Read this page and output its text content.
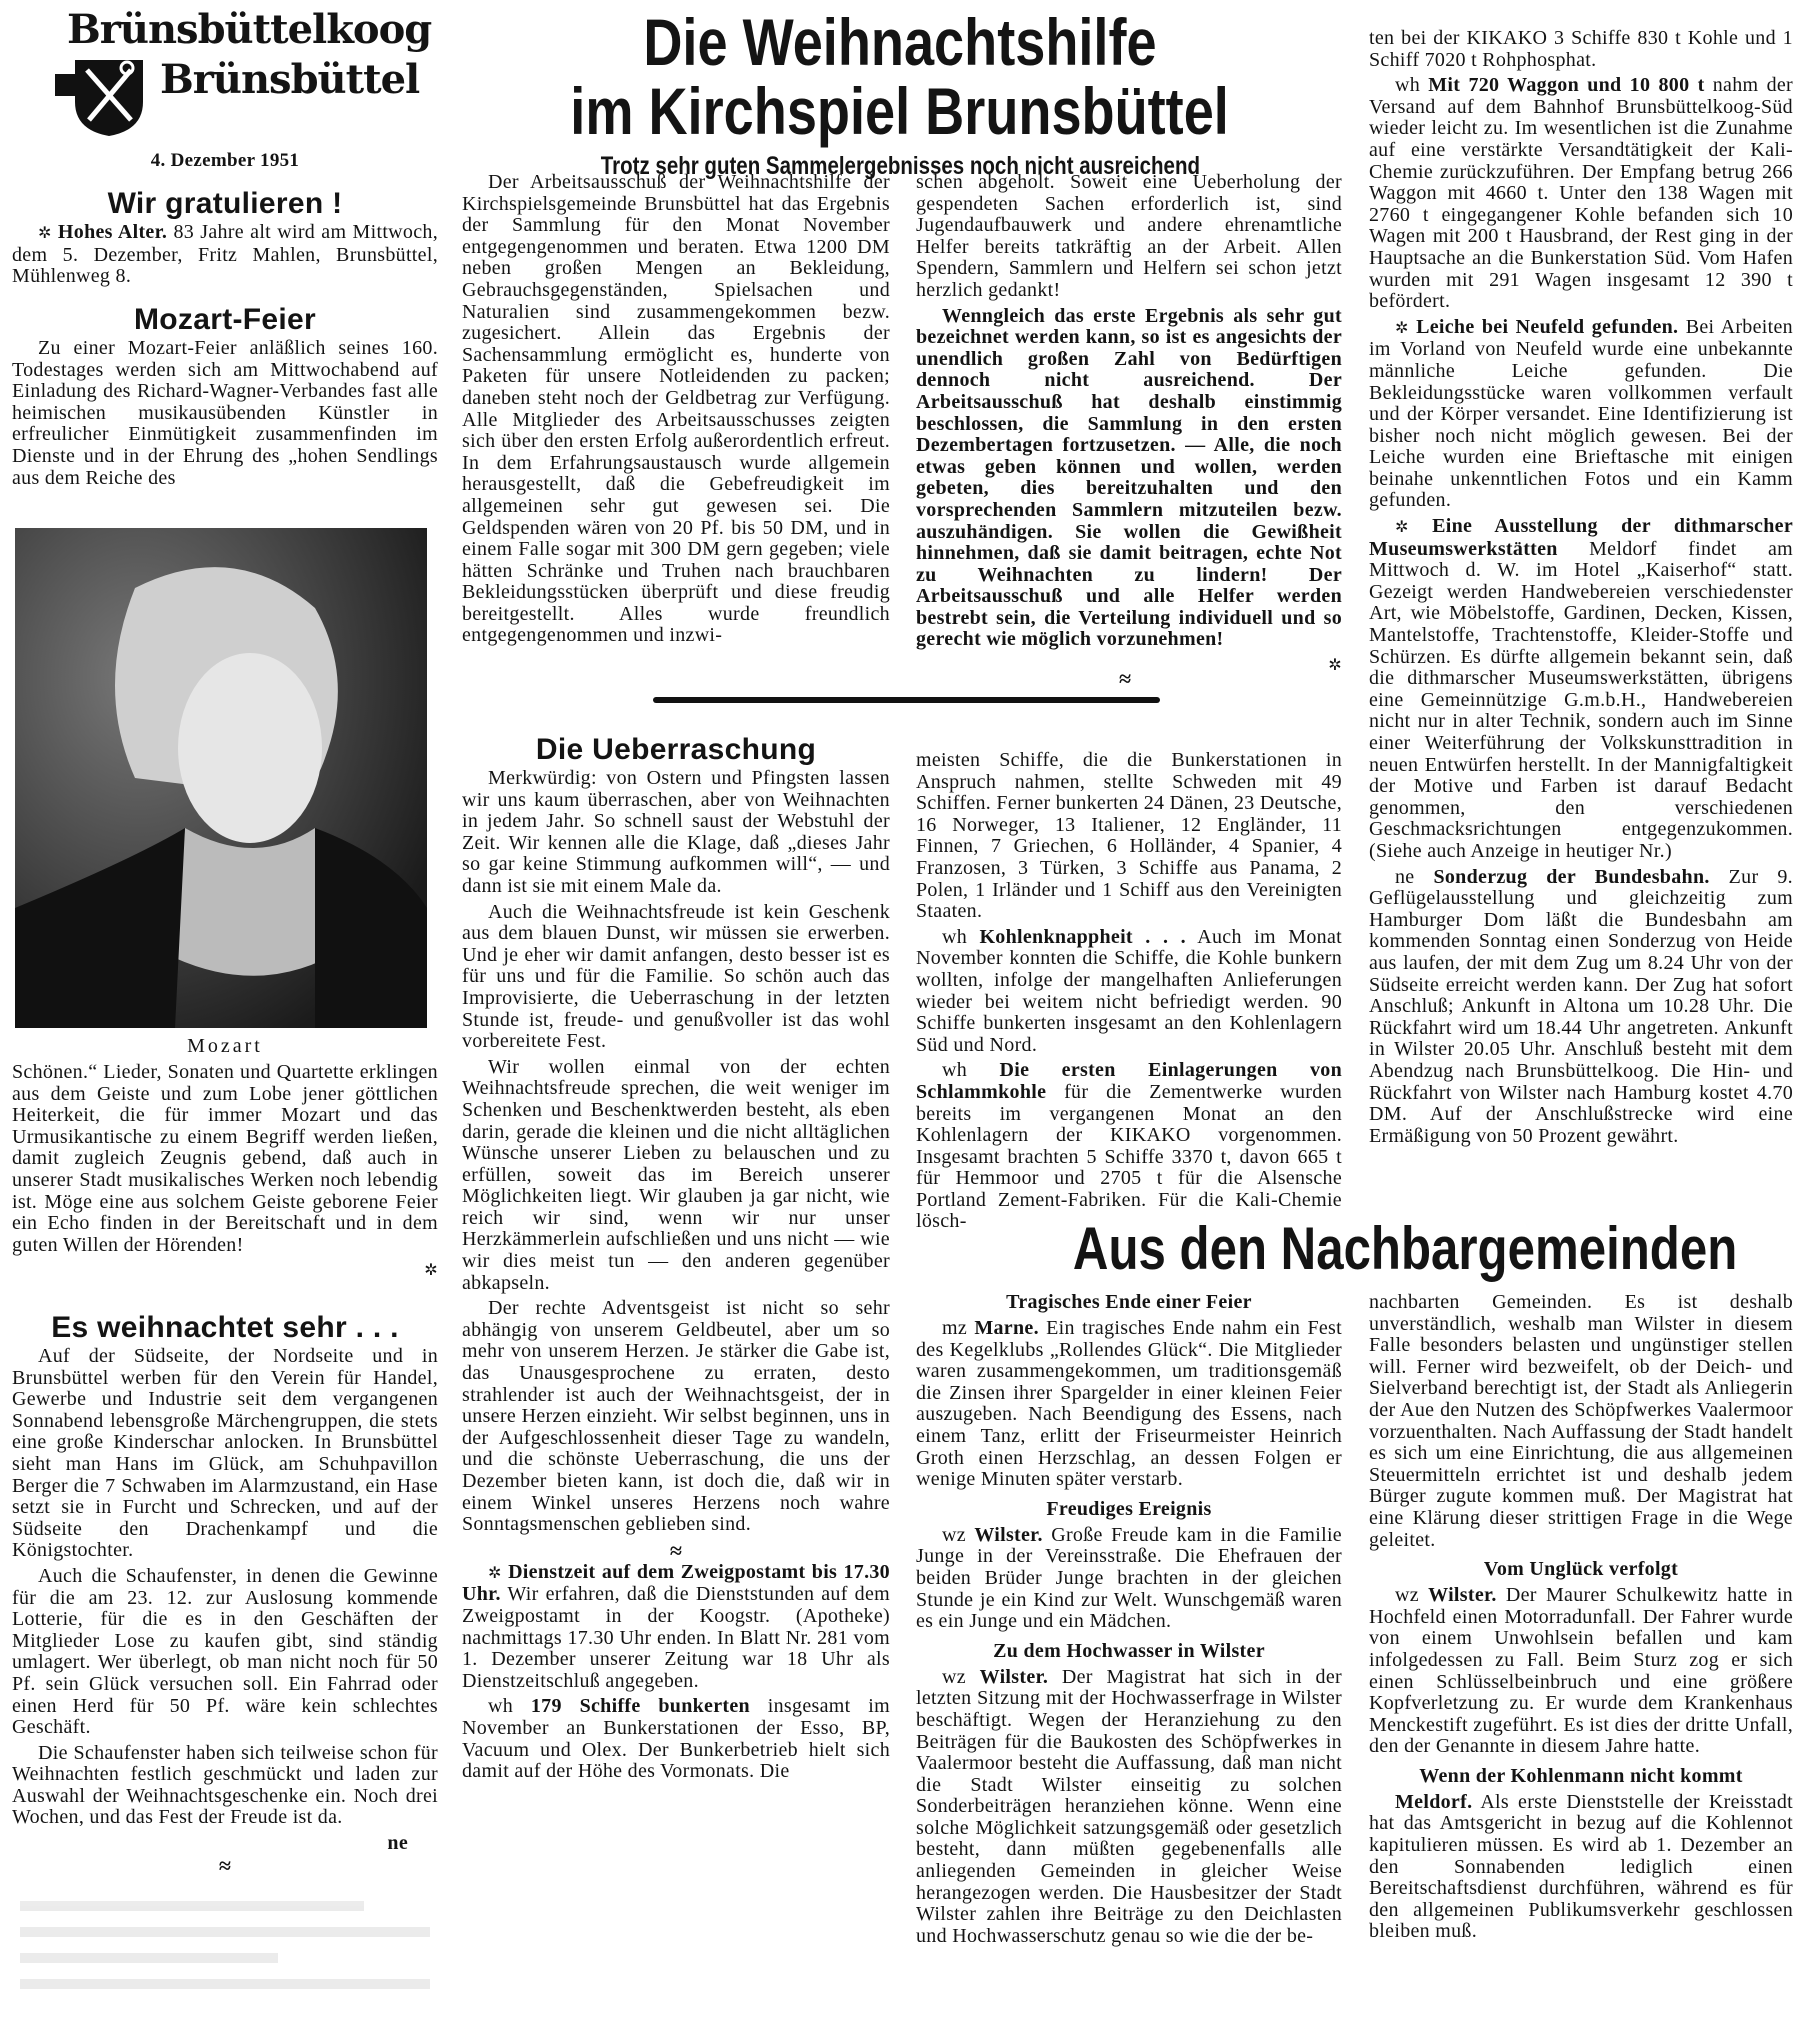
Brünsbüttelkoog
Brünsbüttel
4. Dezember 1951
Wir gratulieren !

✲ Hohes Alter. 83 Jahre alt wird am Mittwoch, dem 5. Dezember, Fritz Mahlen, Brunsbüttel, Mühlenweg 8.

Mozart-Feier

Zu einer Mozart-Feier anläßlich seines 160. Todestages werden sich am Mittwochabend auf Einladung des Richard-Wagner-Verbandes fast alle heimischen musikausübenden Künstler in erfreulicher Einmütigkeit zusammenfinden im Dienste und in der Ehrung des „hohen Sendlings aus dem Reiche des

Mozart

Schönen.“ Lieder, Sonaten und Quartette erklingen aus dem Geiste und zum Lobe jener göttlichen Heiterkeit, die für immer Mozart und das Urmusikantische zu einem Begriff werden ließen, damit zugleich Zeugnis gebend, daß auch in unserer Stadt musikalisches Werken noch lebendig ist. Möge eine aus solchem Geiste geborene Feier ein Echo finden in der Bereitschaft und in dem guten Willen der Hörenden!

✲
Es weihnachtet sehr . . .

Auf der Südseite, der Nordseite und in Brunsbüttel werben für den Verein für Handel, Gewerbe und Industrie seit dem vergangenen Sonnabend lebensgroße Märchengruppen, die stets eine große Kinderschar anlocken. In Brunsbüttel sieht man Hans im Glück, am Schuhpavillon Berger die 7 Schwaben im Alarmzustand, ein Hase setzt sie in Furcht und Schrecken, und auf der Südseite den Drachenkampf und die Königstochter.

Auch die Schaufenster, in denen die Gewinne für die am 23. 12. zur Auslosung kommende Lotterie, für die es in den Geschäften der Mitglieder Lose zu kaufen gibt, sind ständig umlagert. Wer überlegt, ob man nicht noch für 50 Pf. sein Glück versuchen soll. Ein Fahrrad oder einen Herd für 50 Pf. wäre kein schlechtes Geschäft.

Die Schaufenster haben sich teilweise schon für Weihnachten festlich geschmückt und laden zur Auswahl der Weihnachtsgeschenke ein. Noch drei Wochen, und das Fest der Freude ist da.

ne
≈
Die Weihnachtshilfe
im Kirchspiel Brunsbüttel
Trotz sehr guten Sammelergebnisses noch nicht ausreichend

Der Arbeitsausschuß der Weihnachtshilfe der Kirchspielsgemeinde Brunsbüttel hat das Ergebnis der Sammlung für den Monat November entgegengenommen und beraten. Etwa 1200 DM neben großen Mengen an Bekleidung, Gebrauchsgegenständen, Spielsachen und Naturalien sind zusammengekommen bezw. zugesichert. Allein das Ergebnis der Sachensammlung ermöglicht es, hunderte von Paketen für unsere Notleidenden zu packen; daneben steht noch der Geldbetrag zur Verfügung. Alle Mitglieder des Arbeitsausschusses zeigten sich über den ersten Erfolg außerordentlich erfreut. In dem Erfahrungsaustausch wurde allgemein herausgestellt, daß die Gebefreudigkeit im allgemeinen sehr gut gewesen sei. Die Geldspenden wären von 20 Pf. bis 50 DM, und in einem Falle sogar mit 300 DM gern gegeben; viele hätten Schränke und Truhen nach brauchbaren Bekleidungsstücken überprüft und diese freudig bereitgestellt. Alles wurde freundlich entgegengenommen und inzwi-

schen abgeholt. Soweit eine Ueberholung der gespendeten Sachen erforderlich ist, sind Jugendaufbauwerk und andere ehrenamtliche Helfer bereits tatkräftig an der Arbeit. Allen Spendern, Sammlern und Helfern sei schon jetzt herzlich gedankt!

Wenngleich das erste Ergebnis als sehr gut bezeichnet werden kann, so ist es angesichts der unendlich großen Zahl von Bedürftigen dennoch nicht ausreichend. Der Arbeitsausschuß hat deshalb einstimmig beschlossen, die Sammlung in den ersten Dezembertagen fortzusetzen. — Alle, die noch etwas geben können und wollen, werden gebeten, dies bereitzuhalten und den vorsprechenden Sammlern mitzuteilen bezw. auszuhändigen. Sie wollen die Gewißheit hinnehmen, daß sie damit beitragen, echte Not zu Weihnachten zu lindern! Der Arbeitsausschuß und alle Helfer werden bestrebt sein, die Verteilung individuell und so gerecht wie möglich vorzunehmen!

✲
≈
Die Ueberraschung

Merkwürdig: von Ostern und Pfingsten lassen wir uns kaum überraschen, aber von Weihnachten in jedem Jahr. So schnell saust der Webstuhl der Zeit. Wir kennen alle die Klage, daß „dieses Jahr so gar keine Stimmung aufkommen will“, — und dann ist sie mit einem Male da.

Auch die Weihnachtsfreude ist kein Geschenk aus dem blauen Dunst, wir müssen sie erwerben. Und je eher wir damit anfangen, desto besser ist es für uns und für die Familie. So schön auch das Improvisierte, die Ueberraschung in der letzten Stunde ist, freude- und genußvoller ist das wohl vorbereitete Fest.

Wir wollen einmal von der echten Weihnachtsfreude sprechen, die weit weniger im Schenken und Beschenktwerden besteht, als eben darin, gerade die kleinen und die nicht alltäglichen Wünsche unserer Lieben zu belauschen und zu erfüllen, soweit das im Bereich unserer Möglichkeiten liegt. Wir glauben ja gar nicht, wie reich wir sind, wenn wir nur unser Herzkämmerlein aufschließen und uns nicht — wie wir dies meist tun — den anderen gegenüber abkapseln.

Der rechte Adventsgeist ist nicht so sehr abhängig von unserem Geldbeutel, aber um so mehr von unserem Herzen. Je stärker die Gabe ist, das Unausgesprochene zu erraten, desto strahlender ist auch der Weihnachtsgeist, der in unsere Herzen einzieht. Wir selbst beginnen, uns in der Aufgeschlossenheit dieser Tage zu wandeln, und die schönste Ueberraschung, die uns der Dezember bieten kann, ist doch die, daß wir in einem Winkel unseres Herzens noch wahre Sonntagsmenschen geblieben sind.

≈

✲ Dienstzeit auf dem Zweigpostamt bis 17.30 Uhr. Wir erfahren, daß die Dienststunden auf dem Zweigpostamt in der Koogstr. (Apotheke) nachmittags 17.30 Uhr enden. In Blatt Nr. 281 vom 1. Dezember unserer Zeitung war 18 Uhr als Dienstzeitschluß angegeben.

wh 179 Schiffe bunkerten insgesamt im November an Bunkerstationen der Esso, BP, Vacuum und Olex. Der Bunkerbetrieb hielt sich damit auf der Höhe des Vormonats. Die

meisten Schiffe, die die Bunkerstationen in Anspruch nahmen, stellte Schweden mit 49 Schiffen. Ferner bunkerten 24 Dänen, 23 Deutsche, 16 Norweger, 13 Italiener, 12 Engländer, 11 Finnen, 7 Griechen, 6 Holländer, 4 Spanier, 4 Franzosen, 3 Türken, 3 Schiffe aus Panama, 2 Polen, 1 Irländer und 1 Schiff aus den Vereinigten Staaten.

wh Kohlenknappheit . . . Auch im Monat November konnten die Schiffe, die Kohle bunkern wollten, infolge der mangelhaften Anlieferungen wieder bei weitem nicht befriedigt werden. 90 Schiffe bunkerten insgesamt an den Kohlenlagern Süd und Nord.

wh Die ersten Einlagerungen von Schlammkohle für die Zementwerke wurden bereits im vergangenen Monat an den Kohlenlagern der KIKAKO vorgenommen. Insgesamt brachten 5 Schiffe 3370 t, davon 665 t für Hemmoor und 2705 t für die Alsensche Portland Zement-Fabriken. Für die Kali-Chemie lösch-

ten bei der KIKAKO 3 Schiffe 830 t Kohle und 1 Schiff 7020 t Rohphosphat.

wh Mit 720 Waggon und 10 800 t nahm der Versand auf dem Bahnhof Brunsbüttelkoog-Süd wieder leicht zu. Im wesentlichen ist die Zunahme auf eine verstärkte Versandtätigkeit der Kali-Chemie zurückzuführen. Der Empfang betrug 266 Waggon mit 4660 t. Unter den 138 Wagen mit 2760 t eingegangener Kohle befanden sich 10 Wagen mit 200 t Hausbrand, der Rest ging in der Hauptsache an die Bunkerstation Süd. Vom Hafen wurden mit 291 Wagen insgesamt 12 390 t befördert.

✲ Leiche bei Neufeld gefunden. Bei Arbeiten im Vorland von Neufeld wurde eine unbekannte männliche Leiche gefunden. Die Bekleidungsstücke waren vollkommen verfault und der Körper versandet. Eine Identifizierung ist bisher noch nicht möglich gewesen. Bei der Leiche wurden eine Brieftasche mit einigen beinahe unkenntlichen Fotos und ein Kamm gefunden.

✲ Eine Ausstellung der dithmarscher Museumswerkstätten Meldorf findet am Mittwoch d. W. im Hotel „Kaiserhof“ statt. Gezeigt werden Handwebereien verschiedenster Art, wie Möbelstoffe, Gardinen, Decken, Kissen, Mantelstoffe, Trachtenstoffe, Kleider-Stoffe und Schürzen. Es dürfte allgemein bekannt sein, daß die dithmarscher Museumswerkstätten, übrigens eine Gemeinnützige G.m.b.H., Handwebereien nicht nur in alter Technik, sondern auch im Sinne einer Weiterführung der Volkskunsttradition in neuen Entwürfen herstellt. In der Mannigfaltigkeit der Motive und Farben ist darauf Bedacht genommen, den verschiedenen Geschmacksrichtungen entgegenzukommen. (Siehe auch Anzeige in heutiger Nr.)

ne Sonderzug der Bundesbahn. Zur 9. Geflügelausstellung und gleichzeitig zum Hamburger Dom läßt die Bundesbahn am kommenden Sonntag einen Sonderzug von Heide aus laufen, der mit dem Zug um 8.24 Uhr von der Südseite erreicht werden kann. Der Zug hat sofort Anschluß; Ankunft in Altona um 10.28 Uhr. Die Rückfahrt wird um 18.44 Uhr angetreten. Ankunft in Wilster 20.05 Uhr. Anschluß besteht mit dem Abendzug nach Brunsbüttelkoog. Die Hin- und Rückfahrt von Wilster nach Hamburg kostet 4.70 DM. Auf der Anschlußstrecke wird eine Ermäßigung von 50 Prozent gewährt.

Aus den Nachbargemeinden
Tragisches Ende einer Feier

mz Marne. Ein tragisches Ende nahm ein Fest des Kegelklubs „Rollendes Glück“. Die Mitglieder waren zusammengekommen, um traditionsgemäß die Zinsen ihrer Spargelder in einer kleinen Feier auszugeben. Nach Beendigung des Essens, nach einem Tanz, erlitt der Friseurmeister Heinrich Groth einen Herzschlag, an dessen Folgen er wenige Minuten später verstarb.

Freudiges Ereignis

wz Wilster. Große Freude kam in die Familie Junge in der Vereinsstraße. Die Ehefrauen der beiden Brüder Junge brachten in der gleichen Stunde je ein Kind zur Welt. Wunschgemäß waren es ein Junge und ein Mädchen.

Zu dem Hochwasser in Wilster

wz Wilster. Der Magistrat hat sich in der letzten Sitzung mit der Hochwasserfrage in Wilster beschäftigt. Wegen der Heranziehung zu den Beiträgen für die Baukosten des Schöpfwerkes in Vaalermoor besteht die Auffassung, daß man nicht die Stadt Wilster einseitig zu solchen Sonderbeiträgen heranziehen könne. Wenn eine solche Möglichkeit satzungsgemäß oder gesetzlich besteht, dann müßten gegebenenfalls alle anliegenden Gemeinden in gleicher Weise herangezogen werden. Die Hausbesitzer der Stadt Wilster zahlen ihre Beiträge zu den Deichlasten und Hochwasserschutz genau so wie die der be-

nachbarten Gemeinden. Es ist deshalb unverständlich, weshalb man Wilster in diesem Falle besonders belasten und ungünstiger stellen will. Ferner wird bezweifelt, ob der Deich- und Sielverband berechtigt ist, der Stadt als Anliegerin der Aue den Nutzen des Schöpfwerkes Vaalermoor vorzuenthalten. Nach Auffassung der Stadt handelt es sich um eine Einrichtung, die aus allgemeinen Steuermitteln errichtet ist und deshalb jedem Bürger zugute kommen muß. Der Magistrat hat eine Klärung dieser strittigen Frage in die Wege geleitet.

Vom Unglück verfolgt

wz Wilster. Der Maurer Schulkewitz hatte in Hochfeld einen Motorradunfall. Der Fahrer wurde von einem Unwohlsein befallen und kam infolgedessen zu Fall. Beim Sturz zog er sich einen Schlüsselbeinbruch und eine größere Kopfverletzung zu. Er wurde dem Krankenhaus Menckestift zugeführt. Es ist dies der dritte Unfall, den der Genannte in diesem Jahre hatte.

Wenn der Kohlenmann nicht kommt

Meldorf. Als erste Dienststelle der Kreisstadt hat das Amtsgericht in bezug auf die Kohlennot kapitulieren müssen. Es wird ab 1. Dezember an den Sonnabenden lediglich einen Bereitschaftsdienst durchführen, während es für den allgemeinen Publikumsverkehr geschlossen bleiben muß.
